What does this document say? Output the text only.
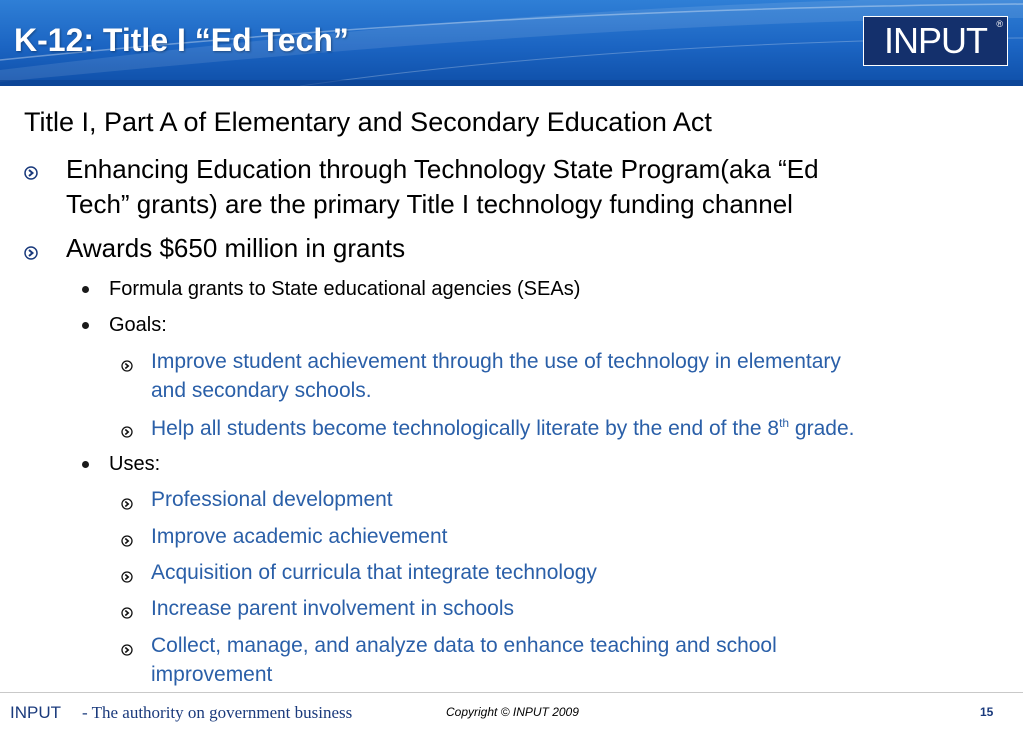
K-12: Title I “Ed Tech”	INPUT ®
Title I, Part A of Elementary and Secondary Education Act
Enhancing Education through Technology State Program(aka “Ed
Tech” grants) are the primary Title I technology funding channel
Awards $650 million in grants
Formula grants to State educational agencies (SEAs)
Goals:
Improve student achievement through the use of technology in elementary
and secondary schools.
Help all students become technologically literate by the end of the 8th grade.
Uses:
Professional development
Improve academic achievement
Acquisition of curricula that integrate technology
Increase parent involvement in schools
Collect, manage, and analyze data to enhance teaching and school
improvement
INPUT - The authority on government business	Copyright © INPUT 2009	15
